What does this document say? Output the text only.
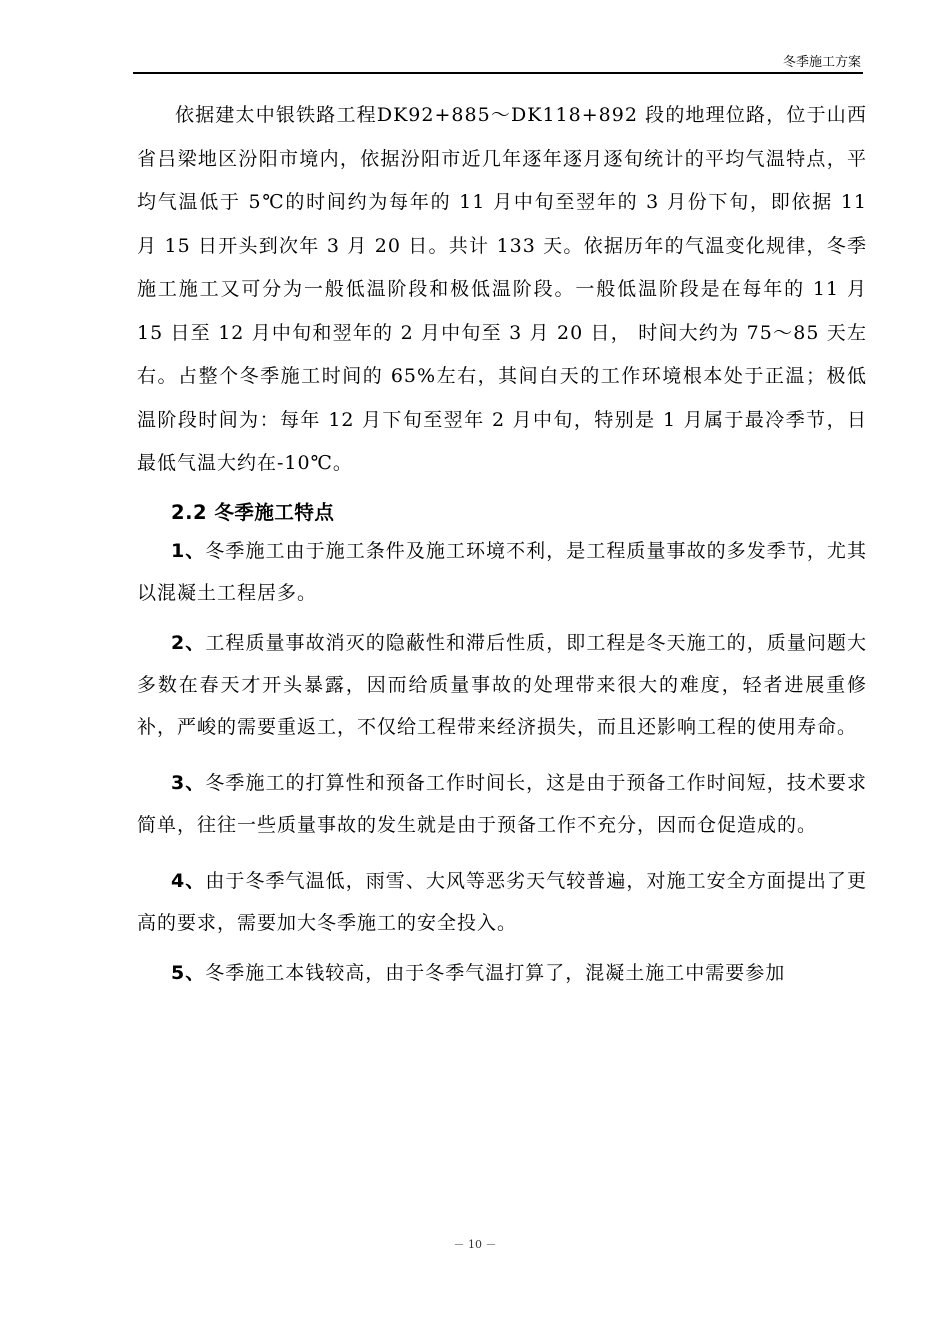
冬季施工方案

依据建太中银铁路工程DK92+885～DK118+892 段的地理位路，位于山西省吕梁地区汾阳市境内，依据汾阳市近几年逐年逐月逐旬统计的平均气温特点，平均气温低于 5℃的时间约为每年的 11 月中旬至翌年的 3 月份下旬，即依据 11 月 15 日开头到次年 3 月 20 日。共计 133 天。依据历年的气温变化规律，冬季施工施工又可分为一般低温阶段和极低温阶段。一般低温阶段是在每年的 11 月 15 日至 12 月中旬和翌年的 2 月中旬至 3 月 20 日， 时间大约为 75～85 天左右。占整个冬季施工时间的 65%左右，其间白天的工作环境根本处于正温；极低温阶段时间为：每年 12 月下旬至翌年 2 月中旬，特别是 1 月属于最冷季节，日最低气温大约在-10℃。

2.2 冬季施工特点

1、冬季施工由于施工条件及施工环境不利，是工程质量事故的多发季节，尤其以混凝土工程居多。

2、工程质量事故消灭的隐蔽性和滞后性质，即工程是冬天施工的，质量问题大多数在春天才开头暴露，因而给质量事故的处理带来很大的难度，轻者进展重修补，严峻的需要重返工，不仅给工程带来经济损失，而且还影响工程的使用寿命。

3、冬季施工的打算性和预备工作时间长，这是由于预备工作时间短，技术要求简单，往往一些质量事故的发生就是由于预备工作不充分，因而仓促造成的。

4、由于冬季气温低，雨雪、大风等恶劣天气较普遍，对施工安全方面提出了更高的要求，需要加大冬季施工的安全投入。

5、冬季施工本钱较高，由于冬季气温打算了，混凝土施工中需要参加

－ 10 －
